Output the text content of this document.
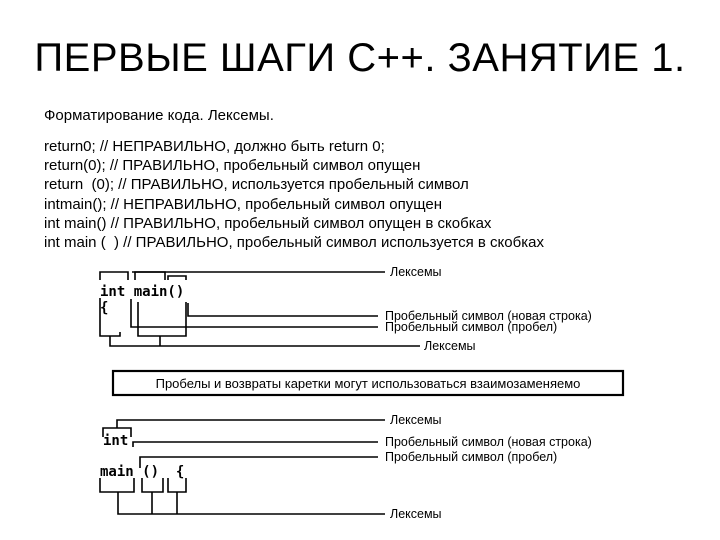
ПЕРВЫЕ ШАГИ С++. ЗАНЯТИЕ 1.
Форматирование кода. Лексемы.
return0; // НЕПРАВИЛЬНО, должно быть return 0;
return(0); // ПРАВИЛЬНО, пробельный символ опущен
return  (0); // ПРАВИЛЬНО, используется пробельный символ
intmain(); // НЕПРАВИЛЬНО, пробельный символ опущен
int main() // ПРАВИЛЬНО, пробельный символ опущен в скобках
int main (  ) // ПРАВИЛЬНО, пробельный символ используется в скобках
int main()
{
Лексемы
Пробельный символ (новая строка)
Пробельный символ (пробел)
Лексемы
Пробелы и возвраты каретки могут использоваться взаимозаменяемо
int
main ()  {
Лексемы
Пробельный символ (новая строка)
Пробельный символ (пробел)
Лексемы
